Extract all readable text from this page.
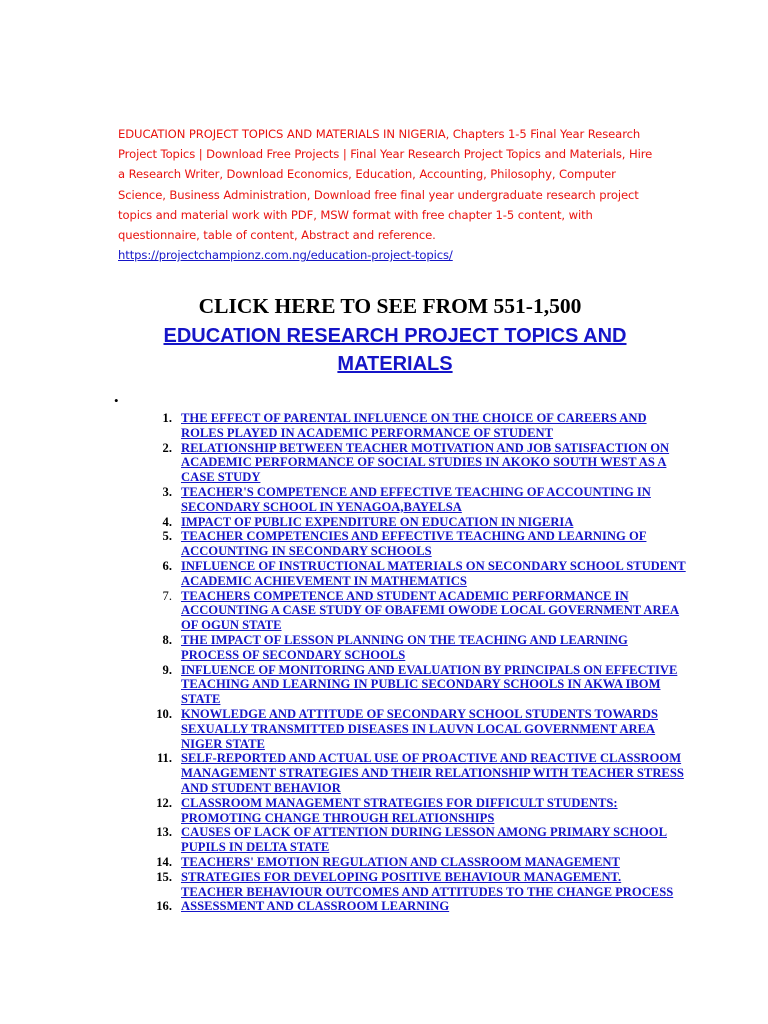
EDUCATION PROJECT TOPICS AND MATERIALS IN NIGERIA, Chapters 1-5 Final Year Research Project Topics | Download Free Projects | Final Year Research Project Topics and Materials, Hire a Research Writer, Download Economics, Education, Accounting, Philosophy, Computer Science, Business Administration, Download free final year undergraduate research project topics and material work with PDF, MSW format with free chapter 1-5 content, with questionnaire, table of content, Abstract and reference. https://projectchampionz.com.ng/education-project-topics/
CLICK HERE TO SEE FROM 551-1,500
EDUCATION RESEARCH PROJECT TOPICS AND MATERIALS
•
1. THE EFFECT OF PARENTAL INFLUENCE ON THE CHOICE OF CAREERS AND ROLES PLAYED IN ACADEMIC PERFORMANCE OF STUDENT
2. RELATIONSHIP BETWEEN TEACHER MOTIVATION AND JOB SATISFACTION ON ACADEMIC PERFORMANCE OF SOCIAL STUDIES IN AKOKO SOUTH WEST AS A CASE STUDY
3. TEACHER'S COMPETENCE AND EFFECTIVE TEACHING OF ACCOUNTING IN SECONDARY SCHOOL IN YENAGOA,BAYELSA
4. IMPACT OF PUBLIC EXPENDITURE ON EDUCATION IN NIGERIA
5. TEACHER COMPETENCIES AND EFFECTIVE TEACHING AND LEARNING OF ACCOUNTING IN SECONDARY SCHOOLS
6. INFLUENCE OF INSTRUCTIONAL MATERIALS ON SECONDARY SCHOOL STUDENT ACADEMIC ACHIEVEMENT IN MATHEMATICS
7. TEACHERS COMPETENCE AND STUDENT ACADEMIC PERFORMANCE IN ACCOUNTING A CASE STUDY OF OBAFEMI OWODE LOCAL GOVERNMENT AREA OF OGUN STATE
8. THE IMPACT OF LESSON PLANNING ON THE TEACHING AND LEARNING PROCESS OF SECONDARY SCHOOLS
9. INFLUENCE OF MONITORING AND EVALUATION BY PRINCIPALS ON EFFECTIVE TEACHING AND LEARNING IN PUBLIC SECONDARY SCHOOLS IN AKWA IBOM STATE
10. KNOWLEDGE AND ATTITUDE OF SECONDARY SCHOOL STUDENTS TOWARDS SEXUALLY TRANSMITTED DISEASES IN LAUVN LOCAL GOVERNMENT AREA NIGER STATE
11. SELF-REPORTED AND ACTUAL USE OF PROACTIVE AND REACTIVE CLASSROOM MANAGEMENT STRATEGIES AND THEIR RELATIONSHIP WITH TEACHER STRESS AND STUDENT BEHAVIOR
12. CLASSROOM MANAGEMENT STRATEGIES FOR DIFFICULT STUDENTS: PROMOTING CHANGE THROUGH RELATIONSHIPS
13. CAUSES OF LACK OF ATTENTION DURING LESSON AMONG PRIMARY SCHOOL PUPILS IN DELTA STATE
14. TEACHERS' EMOTION REGULATION AND CLASSROOM MANAGEMENT
15. STRATEGIES FOR DEVELOPING POSITIVE BEHAVIOUR MANAGEMENT. TEACHER BEHAVIOUR OUTCOMES AND ATTITUDES TO THE CHANGE PROCESS
16. ASSESSMENT AND CLASSROOM LEARNING
